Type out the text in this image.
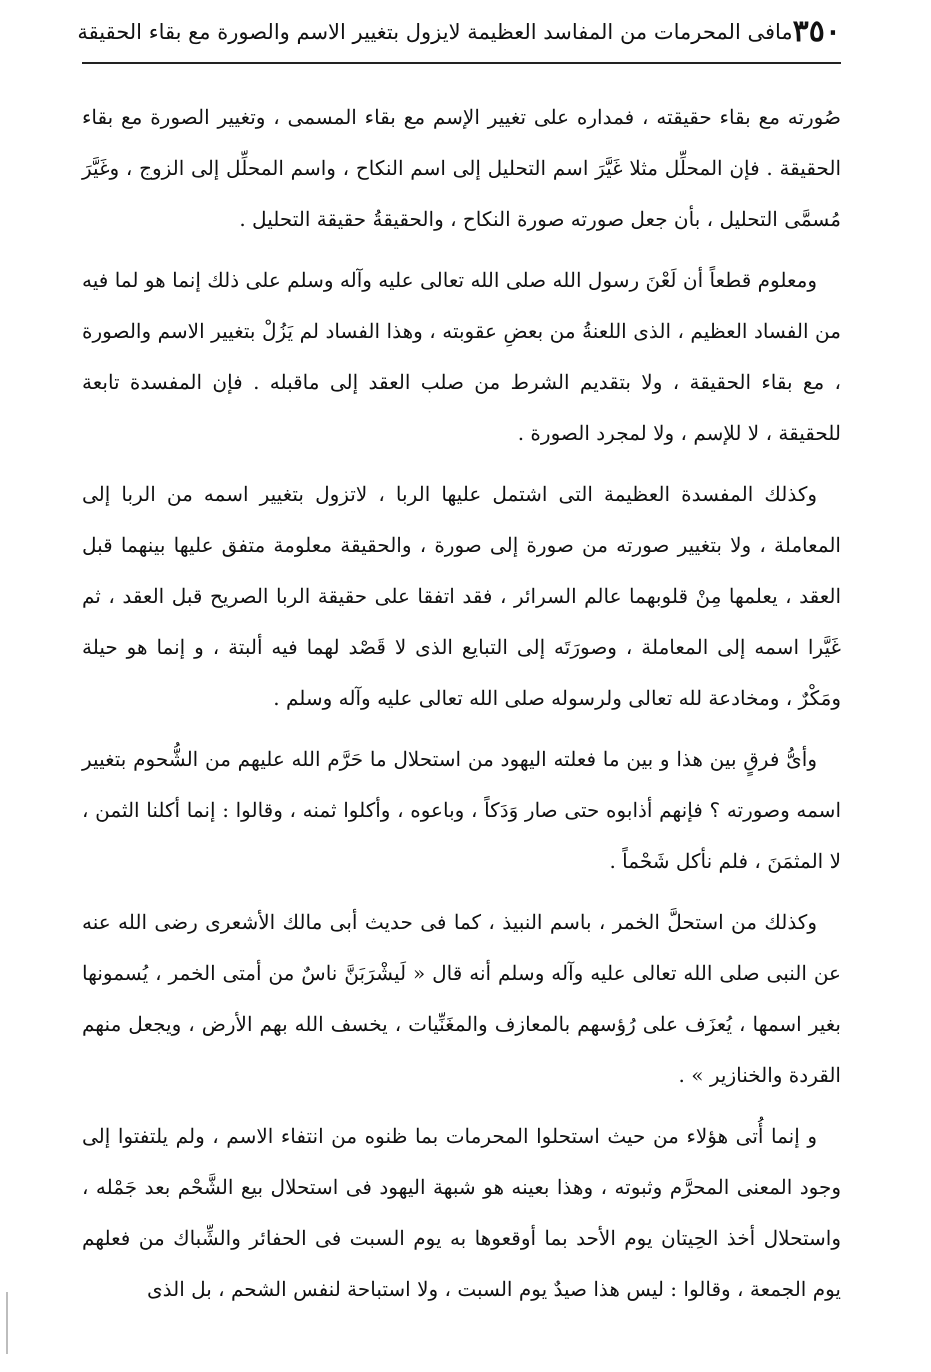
٣٥٠
مافى المحرمات من المفاسد العظيمة لايزول بتغيير الاسم والصورة مع بقاء الحقيقة

صُورته مع بقاء حقيقته ، فمداره على تغيير الإسم مع بقاء المسمى ، وتغيير الصورة مع بقاء الحقيقة . فإن المحلِّل مثلا غَيَّرَ اسم التحليل إلى اسم النكاح ، واسم المحلِّل إلى الزوج ، وغَيَّرَ مُسمَّى التحليل ، بأن جعل صورته صورة النكاح ، والحقيقةُ حقيقة التحليل .

ومعلوم قطعاً أن لَعْنَ رسول الله صلى الله تعالى عليه وآله وسلم على ذلك إنما هو لما فيه من الفساد العظيم ، الذى اللعنةُ من بعضِ عقوبته ، وهذا الفساد لم يَزُلْ بتغيير الاسم والصورة ، مع بقاء الحقيقة ، ولا بتقديم الشرط من صلب العقد إلى ماقبله . فإن المفسدة تابعة للحقيقة ، لا للإسم ، ولا لمجرد الصورة .

وكذلك المفسدة العظيمة التى اشتمل عليها الربا ، لاتزول بتغيير اسمه من الربا إلى المعاملة ، ولا بتغيير صورته من صورة إلى صورة ، والحقيقة معلومة متفق عليها بينهما قبل العقد ، يعلمها مِنْ قلوبهما عالم السرائر ، فقد اتفقا على حقيقة الربا الصريح قبل العقد ، ثم غَيَّرا اسمه إلى المعاملة ، وصورَتَه إلى التبايع الذى لا قَصْد لهما فيه ألبتة ، و إنما هو حيلة ومَكْرٌ ، ومخادعة لله تعالى ولرسوله صلى الله تعالى عليه وآله وسلم .

وأىُّ فرقٍ بين هذا و بين ما فعلته اليهود من استحلال ما حَرَّم الله عليهم من الشُّحوم بتغيير اسمه وصورته ؟ فإنهم أذابوه حتى صار وَدَكاً ، وباعوه ، وأكلوا ثمنه ، وقالوا : إنما أكلنا الثمن ، لا المثمَنَ ، فلم نأكل شَحْماً .

وكذلك من استحلَّ الخمر ، باسم النبيذ ، كما فى حديث أبى مالك الأشعرى رضى الله عنه عن النبى صلى الله تعالى عليه وآله وسلم أنه قال « لَيشْرَبَنَّ ناسٌ من أمتى الخمر ، يُسمونها بغير اسمها ، يُعزَف على رُؤسهم بالمعازف والمغَنِّيات ، يخسف الله بهم الأرض ، ويجعل منهم القردة والخنازير » .

و إنما أُتى هؤلاء من حيث استحلوا المحرمات بما ظنوه من انتفاء الاسم ، ولم يلتفتوا إلى وجود المعنى المحرَّم وثبوته ، وهذا بعينه هو شبهة اليهود فى استحلال بيع الشَّحْم بعد جَمْله ، واستحلال أخذ الحِيتان يوم الأحد بما أوقعوها به يوم السبت فى الحفائر والشِّباك من فعلهم يوم الجمعة ، وقالوا : ليس هذا صيدٌ يوم السبت ، ولا استباحة لنفس الشحم ، بل الذى
